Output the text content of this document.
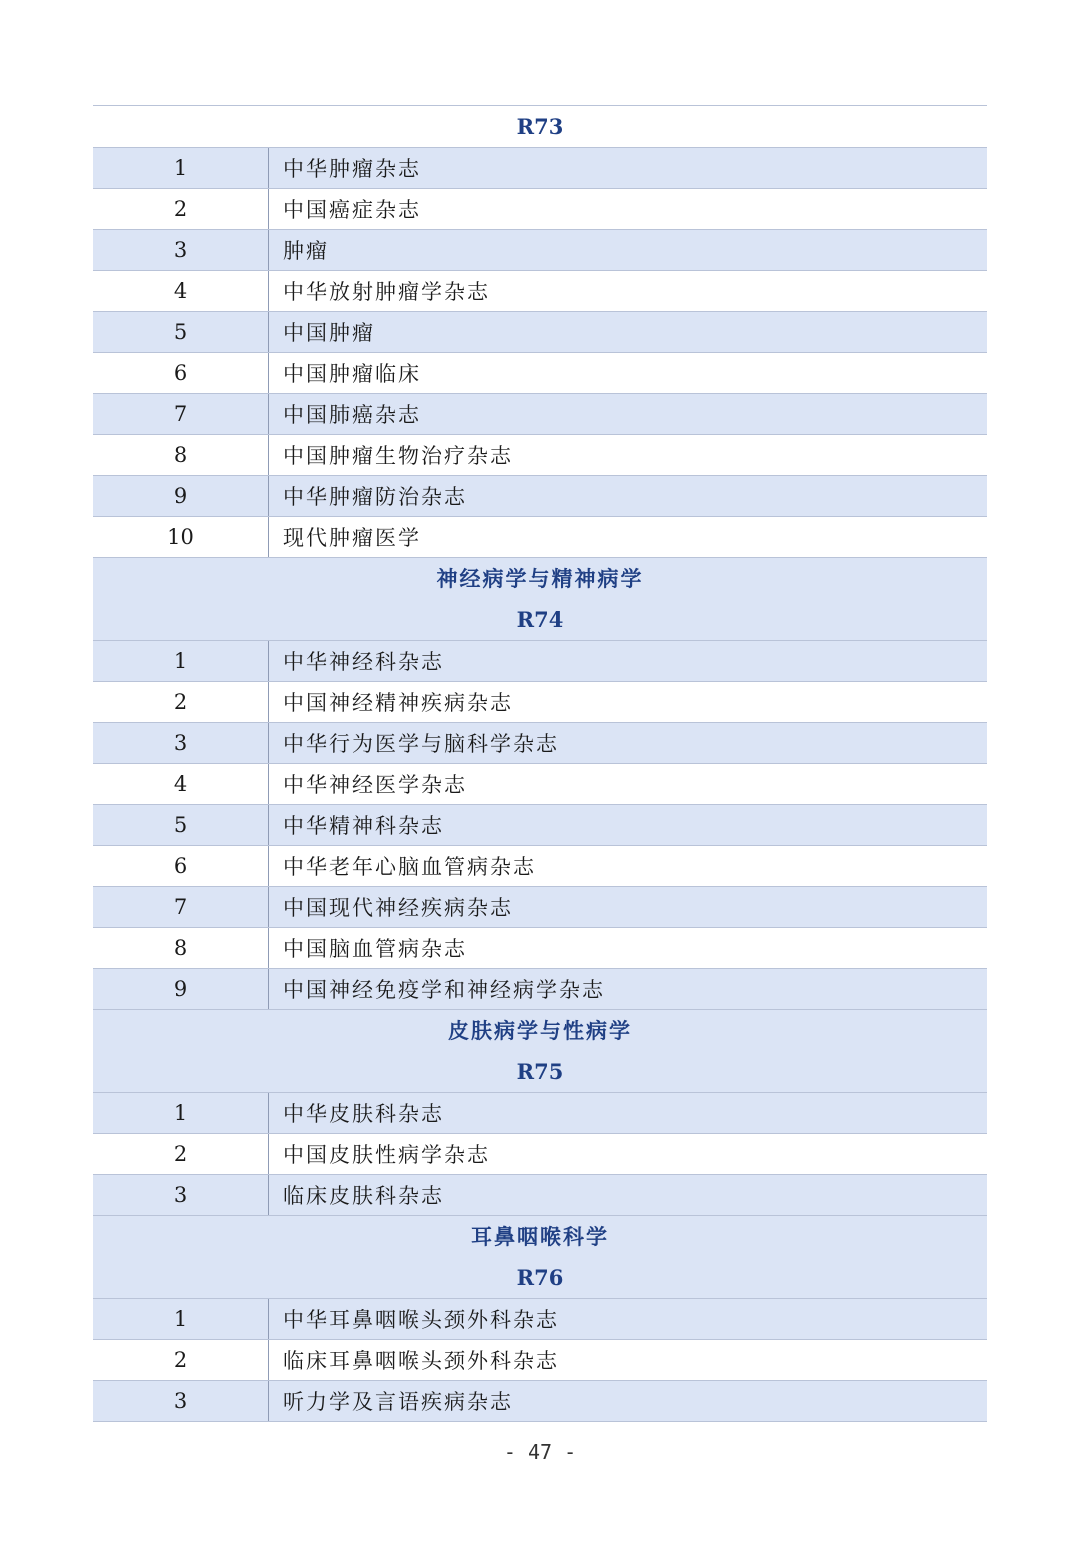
R73
1	中华肿瘤杂志
2	中国癌症杂志
3	肿瘤
4	中华放射肿瘤学杂志
5	中国肿瘤
6	中国肿瘤临床
7	中国肺癌杂志
8	中国肿瘤生物治疗杂志
9	中华肿瘤防治杂志
10	现代肿瘤医学
神经病学与精神病学
R74
1	中华神经科杂志
2	中国神经精神疾病杂志
3	中华行为医学与脑科学杂志
4	中华神经医学杂志
5	中华精神科杂志
6	中华老年心脑血管病杂志
7	中国现代神经疾病杂志
8	中国脑血管病杂志
9	中国神经免疫学和神经病学杂志
皮肤病学与性病学
R75
1	中华皮肤科杂志
2	中国皮肤性病学杂志
3	临床皮肤科杂志
耳鼻咽喉科学
R76
1	中华耳鼻咽喉头颈外科杂志
2	临床耳鼻咽喉头颈外科杂志
3	听力学及言语疾病杂志
- 47 -
